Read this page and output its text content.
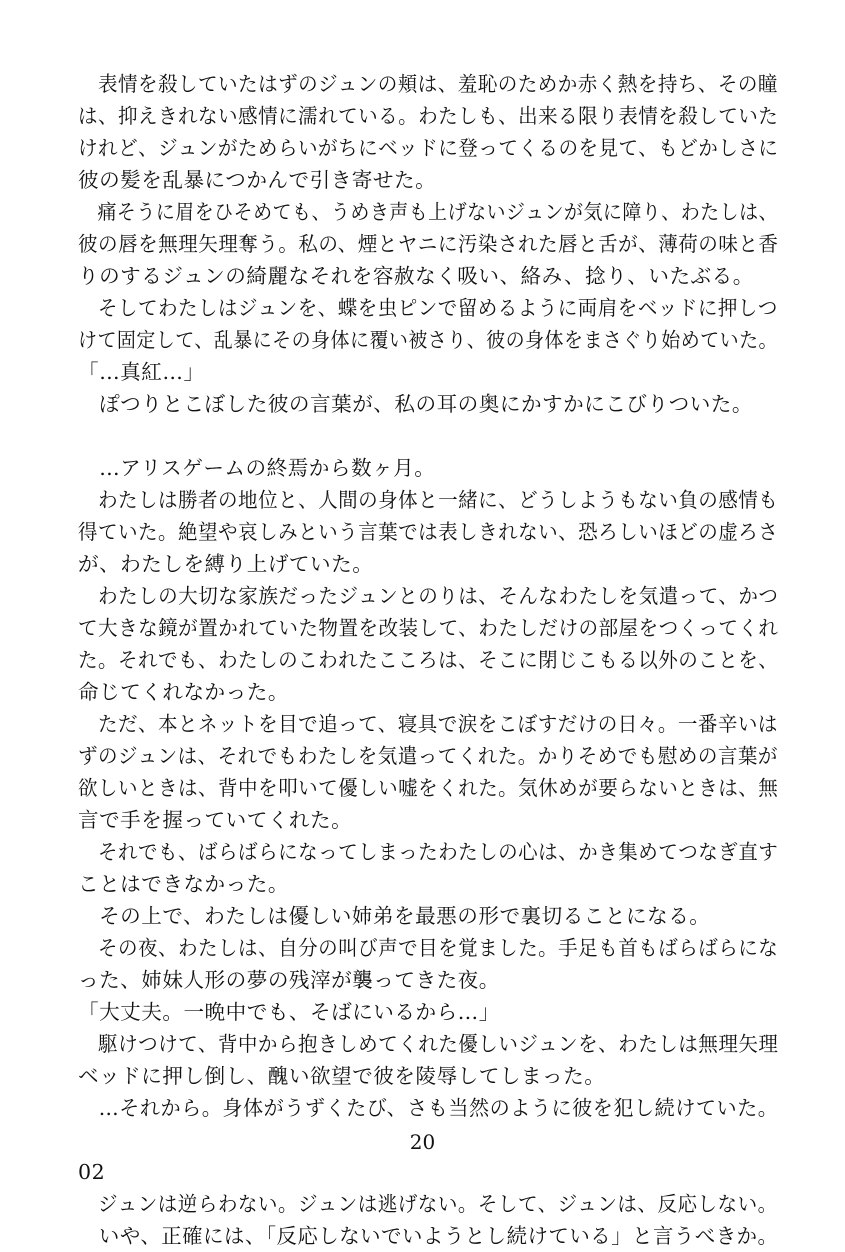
　表情を殺していたはずのジュンの頬は、羞恥のためか赤く熱を持ち、その瞳
は、抑えきれない感情に濡れている。わたしも、出来る限り表情を殺していた
けれど、ジュンがためらいがちにベッドに登ってくるのを見て、もどかしさに
彼の髪を乱暴につかんで引き寄せた。
　痛そうに眉をひそめても、うめき声も上げないジュンが気に障り、わたしは、
彼の唇を無理矢理奪う。私の、煙とヤニに汚染された唇と舌が、薄荷の味と香
りのするジュンの綺麗なそれを容赦なく吸い、絡み、捻り、いたぶる。
　そしてわたしはジュンを、蝶を虫ピンで留めるように両肩をベッドに押しつ
けて固定して、乱暴にその身体に覆い被さり、彼の身体をまさぐり始めていた。
「…真紅…」
　ぽつりとこぼした彼の言葉が、私の耳の奥にかすかにこびりついた。
　…アリスゲームの終焉から数ヶ月。
　わたしは勝者の地位と、人間の身体と一緒に、どうしようもない負の感情も
得ていた。絶望や哀しみという言葉では表しきれない、恐ろしいほどの虚ろさ
が、わたしを縛り上げていた。
　わたしの大切な家族だったジュンとのりは、そんなわたしを気遣って、かつ
て大きな鏡が置かれていた物置を改装して、わたしだけの部屋をつくってくれ
た。それでも、わたしのこわれたこころは、そこに閉じこもる以外のことを、
命じてくれなかった。
　ただ、本とネットを目で追って、寝具で涙をこぼすだけの日々。一番辛いは
ずのジュンは、それでもわたしを気遣ってくれた。かりそめでも慰めの言葉が
欲しいときは、背中を叩いて優しい嘘をくれた。気休めが要らないときは、無
言で手を握っていてくれた。
　それでも、ばらばらになってしまったわたしの心は、かき集めてつなぎ直す
ことはできなかった。
　その上で、わたしは優しい姉弟を最悪の形で裏切ることになる。
　その夜、わたしは、自分の叫び声で目を覚ました。手足も首もばらばらにな
った、姉妹人形の夢の残滓が襲ってきた夜。
「大丈夫。一晩中でも、そばにいるから…」
　駆けつけて、背中から抱きしめてくれた優しいジュンを、わたしは無理矢理
ベッドに押し倒し、醜い欲望で彼を陵辱してしまった。
　…それから。身体がうずくたび、さも当然のように彼を犯し続けていた。
02
　ジュンは逆らわない。ジュンは逃げない。そして、ジュンは、反応しない。
　いや、正確には、「反応しないでいようとし続けている」と言うべきか。
20
